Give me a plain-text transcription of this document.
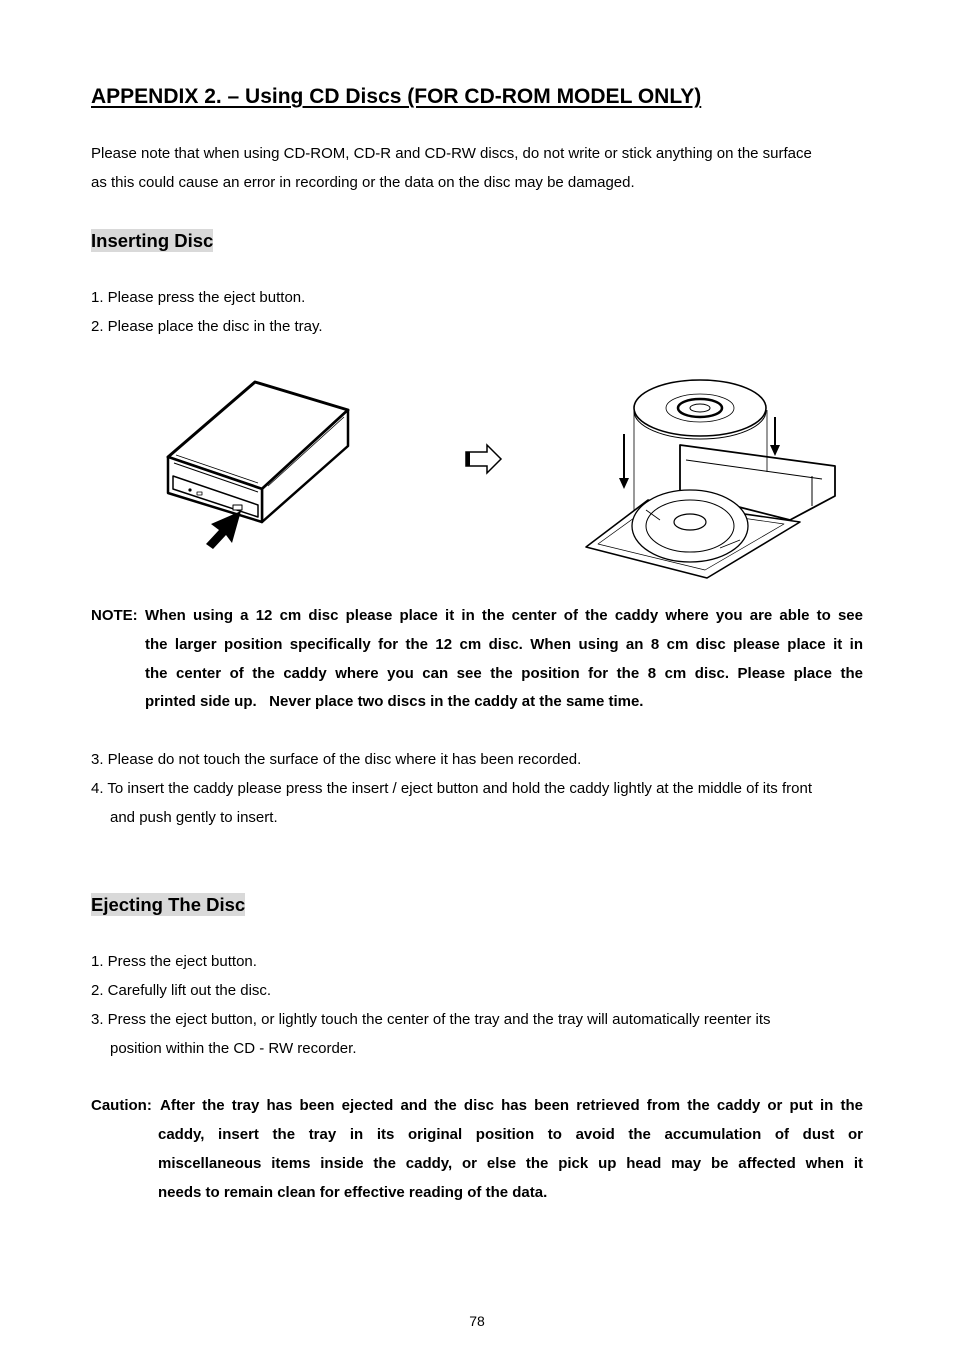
APPENDIX 2. – Using CD Discs (FOR CD-ROM MODEL ONLY)
Please note that when using CD-ROM, CD-R and CD-RW discs, do not write or stick anything on the surface
as this could cause an error in recording or the data on the disc may be damaged.
Inserting Disc
1. Please press the eject button.
2. Please place the disc in the tray.
NOTE: When using a 12 cm disc please place it in the center of the caddy where you are able to see
the larger position specifically for the 12 cm disc. When using an 8 cm disc please place it in
the center of the caddy where you can see the position for the 8 cm disc. Please place the
printed side up.   Never place two discs in the caddy at the same time.
3. Please do not touch the surface of the disc where it has been recorded.
4. To insert the caddy please press the insert / eject button and hold the caddy lightly at the middle of its front
and push gently to insert.
Ejecting The Disc
1. Press the eject button.
2. Carefully lift out the disc.
3. Press the eject button, or lightly touch the center of the tray and the tray will automatically reenter its
position within the CD - RW recorder.
Caution: After the tray has been ejected and the disc has been retrieved from the caddy or put in the
caddy, insert the tray in its original position to avoid the accumulation of dust or
miscellaneous items inside the caddy, or else the pick up head may be affected when it
needs to remain clean for effective reading of the data.
78
